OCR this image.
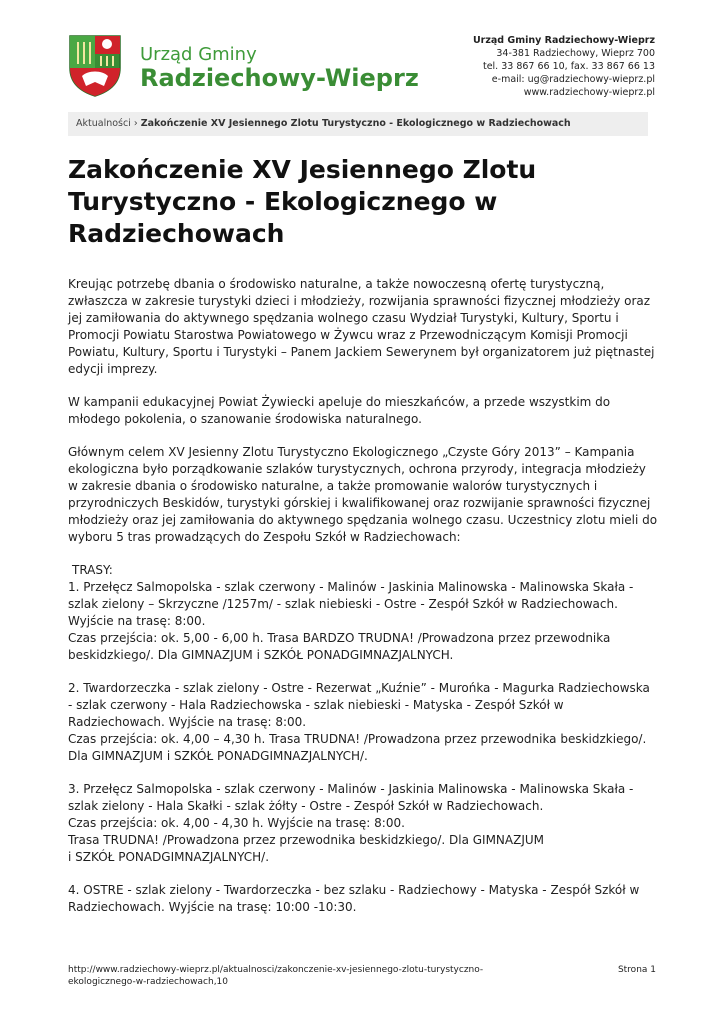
Urząd Gminy
Radziechowy-Wieprz
Urząd Gminy Radziechowy-Wieprz
34-381 Radziechowy, Wieprz 700
tel. 33 867 66 10, fax. 33 867 66 13
e-mail: ug@radziechowy-wieprz.pl
www.radziechowy-wieprz.pl
Aktualności › Zakończenie XV Jesiennego Zlotu Turystyczno - Ekologicznego w Radziechowach
Zakończenie XV Jesiennego Zlotu
Turystyczno - Ekologicznego w
Radziechowach

Kreując potrzebę dbania o środowisko naturalne, a także nowoczesną ofertę turystyczną, zwłaszcza w zakresie turystyki dzieci i młodzieży, rozwijania sprawności fizycznej młodzieży oraz jej zamiłowania do aktywnego spędzania wolnego czasu Wydział Turystyki, Kultury, Sportu i Promocji Powiatu Starostwa Powiatowego w Żywcu wraz z Przewodniczącym Komisji Promocji Powiatu, Kultury, Sportu i Turystyki – Panem Jackiem Sewerynem był organizatorem już piętnastej edycji imprezy.

W kampanii edukacyjnej Powiat Żywiecki apeluje do mieszkańców, a przede wszystkim do młodego pokolenia, o szanowanie środowiska naturalnego.

Głównym celem XV Jesienny Zlotu Turystyczno Ekologicznego „Czyste Góry 2013” – Kampania ekologiczna było porządkowanie szlaków turystycznych, ochrona przyrody, integracja młodzieży w zakresie dbania o środowisko naturalne, a także promowanie walorów turystycznych i przyrodniczych Beskidów, turystyki górskiej i kwalifikowanej oraz rozwijanie sprawności fizycznej młodzieży oraz jej zamiłowania do aktywnego spędzania wolnego czasu. Uczestnicy zlotu mieli do wyboru 5 tras prowadzących do Zespołu Szkół w Radziechowach:

TRASY:

1. Przełęcz Salmopolska - szlak czerwony - Malinów - Jaskinia Malinowska - Malinowska Skała - szlak zielony – Skrzyczne /1257m/ - szlak niebieski - Ostre - Zespół Szkół w Radziechowach. Wyjście na trasę: 8:00.
Czas przejścia: ok. 5,00 - 6,00 h. Trasa BARDZO TRUDNA! /Prowadzona przez przewodnika beskidzkiego/. Dla GIMNAZJUM i SZKÓŁ PONADGIMNAZJALNYCH.

2. Twardorzeczka - szlak zielony - Ostre - Rezerwat „Kuźnie” - Murońka - Magurka Radziechowska - szlak czerwony - Hala Radziechowska - szlak niebieski - Matyska - Zespół Szkół w Radziechowach. Wyjście na trasę: 8:00.
Czas przejścia: ok. 4,00 – 4,30 h. Trasa TRUDNA! /Prowadzona przez przewodnika beskidzkiego/. Dla GIMNAZJUM i SZKÓŁ PONADGIMNAZJALNYCH/.

3. Przełęcz Salmopolska - szlak czerwony - Malinów - Jaskinia Malinowska - Malinowska Skała - szlak zielony - Hala Skałki - szlak żółty - Ostre - Zespół Szkół w Radziechowach.
Czas przejścia: ok. 4,00 - 4,30 h. Wyjście na trasę: 8:00.
Trasa TRUDNA! /Prowadzona przez przewodnika beskidzkiego/. Dla GIMNAZJUM
i SZKÓŁ PONADGIMNAZJALNYCH/.

4. OSTRE - szlak zielony - Twardorzeczka - bez szlaku - Radziechowy - Matyska - Zespół Szkół w Radziechowach. Wyjście na trasę: 10:00 -10:30.

http://www.radziechowy-wieprz.pl/aktualnosci/zakonczenie-xv-jesiennego-zlotu-turystyczno-ekologicznego-w-radziechowach,10
Strona 1
